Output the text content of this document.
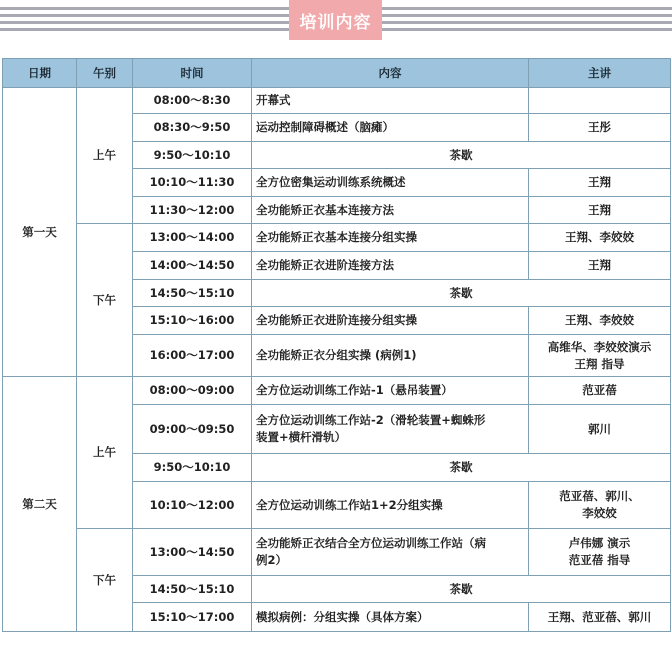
培训内容
日期	午别	时间	内容	主讲
第一天	上午	08:00～8:30	开幕式	
		08:30～9:50	运动控制障碍概述（脑瘫）	王彤
		9:50～10:10	茶歇	
		10:10～11:30	全方位密集运动训练系统概述	王翔
		11:30～12:00	全功能矫正衣基本连接方法	王翔
	下午	13:00～14:00	全功能矫正衣基本连接分组实操	王翔、李姣姣
		14:00～14:50	全功能矫正衣进阶连接方法	王翔
		14:50～15:10	茶歇	
		15:10～16:00	全功能矫正衣进阶连接分组实操	王翔、李姣姣
		16:00～17:00	全功能矫正衣分组实操 (病例1)	高维华、李姣姣演示
王翔 指导
第二天	上午	08:00～09:00	全方位运动训练工作站-1（悬吊装置）	范亚蓓
		09:00～09:50	全方位运动训练工作站-2（滑轮装置+蜘蛛形
装置+横杆滑轨）	郭川
		9:50～10:10	茶歇	
		10:10～12:00	全方位运动训练工作站1+2分组实操	范亚蓓、郭川、
李姣姣
	下午	13:00～14:50	全功能矫正衣结合全方位运动训练工作站（病
例2）	卢伟娜 演示
范亚蓓 指导
		14:50～15:10	茶歇	
		15:10～17:00	模拟病例：分组实操（具体方案）	王翔、范亚蓓、郭川
